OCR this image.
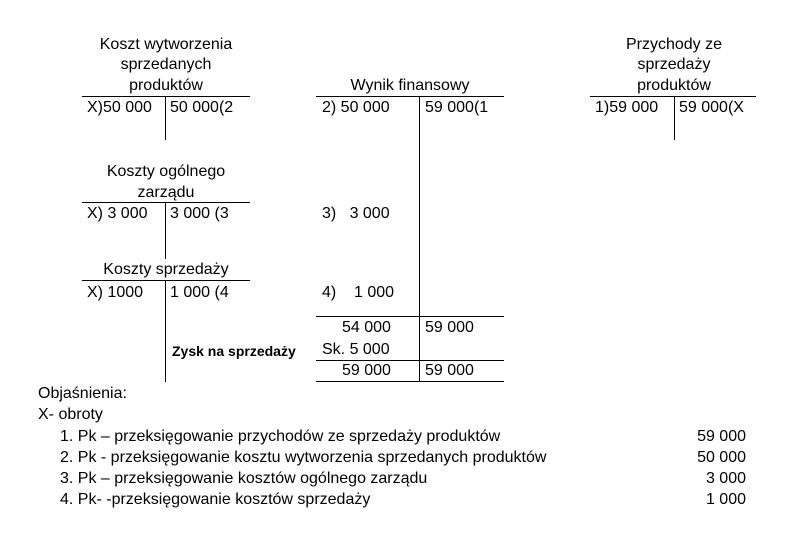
Koszt wytworzenia
sprzedanych
produktów
X)50 000 50 000(2
Koszty ogólnego
zarządu
X) 3 000 3 000 (3
Koszty sprzedaży
X) 1000 1 000 (4
Wynik finansowy
2) 50 000 59 000(1
3)   3 000
4)    1 000
54 000 59 000
Zysk na sprzedaży Sk. 5 000
59 000 59 000
Przychody ze
sprzedaży
produktów
1)59 000 59 000(X
Objaśnienia:
X- obroty
1. Pk – przeksięgowanie przychodów ze sprzedaży produktów	59 000
2. Pk - przeksięgowanie kosztu wytworzenia sprzedanych produktów	50 000
3. Pk – przeksięgowanie kosztów ogólnego zarządu	3 000
4. Pk- -przeksięgowanie kosztów sprzedaży	1 000
